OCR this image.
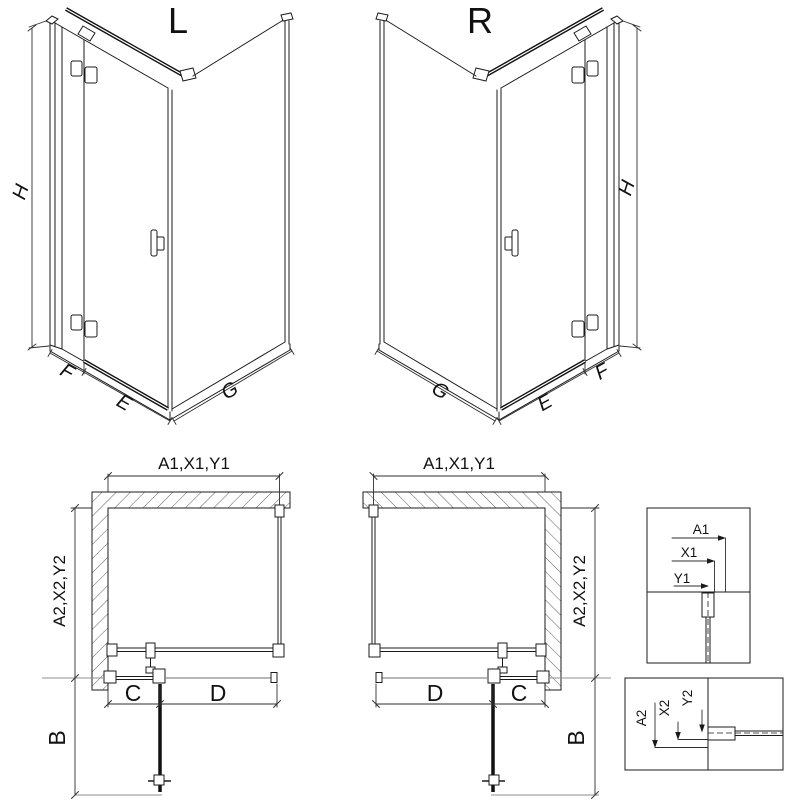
L
H
F
E	G
R
H
G	E
F
A1,X1,Y1
A2,X2,Y2
C	D
B
A1,X1,Y1
A2,X2,Y2
D	C
B
A1
X1
Y1
A2
X2
Y2
